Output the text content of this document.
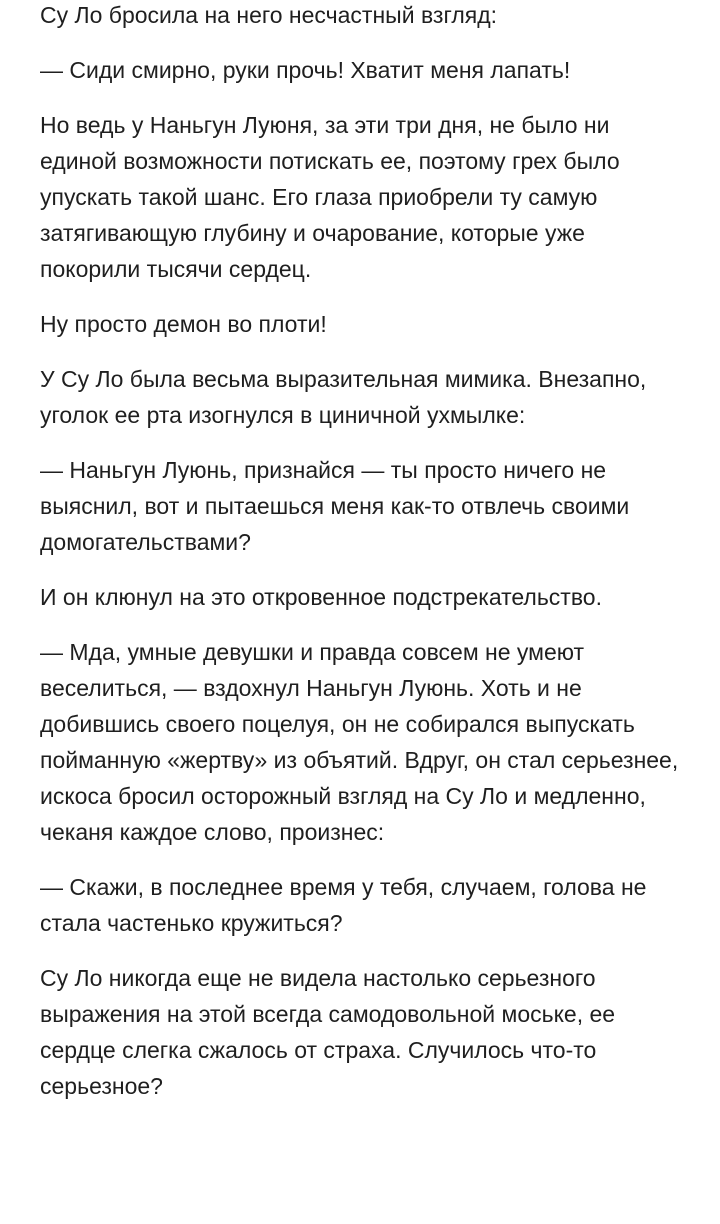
Су Ло бросила на него несчастный взгляд:

— Сиди смирно, руки прочь! Хватит меня лапать!

Но ведь у Наньгун Луюня, за эти три дня, не было ни единой возможности потискать ее, поэтому грех было упускать такой шанс. Его глаза приобрели ту самую затягивающую глубину и очарование, которые уже покорили тысячи сердец.

Ну просто демон во плоти!

У Су Ло была весьма выразительная мимика. Внезапно, уголок ее рта изогнулся в циничной ухмылке:

— Наньгун Луюнь, признайся — ты просто ничего не выяснил, вот и пытаешься меня как-то отвлечь своими домогательствами?

И он клюнул на это откровенное подстрекательство.

— Мда, умные девушки и правда совсем не умеют веселиться, — вздохнул Наньгун Луюнь. Хоть и не добившись своего поцелуя, он не собирался выпускать пойманную «жертву» из объятий. Вдруг, он стал серьезнее, искоса бросил осторожный взгляд на Су Ло и медленно, чеканя каждое слово, произнес:

— Скажи, в последнее время у тебя, случаем, голова не стала частенько кружиться?

Су Ло никогда еще не видела настолько серьезного выражения на этой всегда самодовольной моське, ее сердце слегка сжалось от страха. Случилось что-то серьезное?
